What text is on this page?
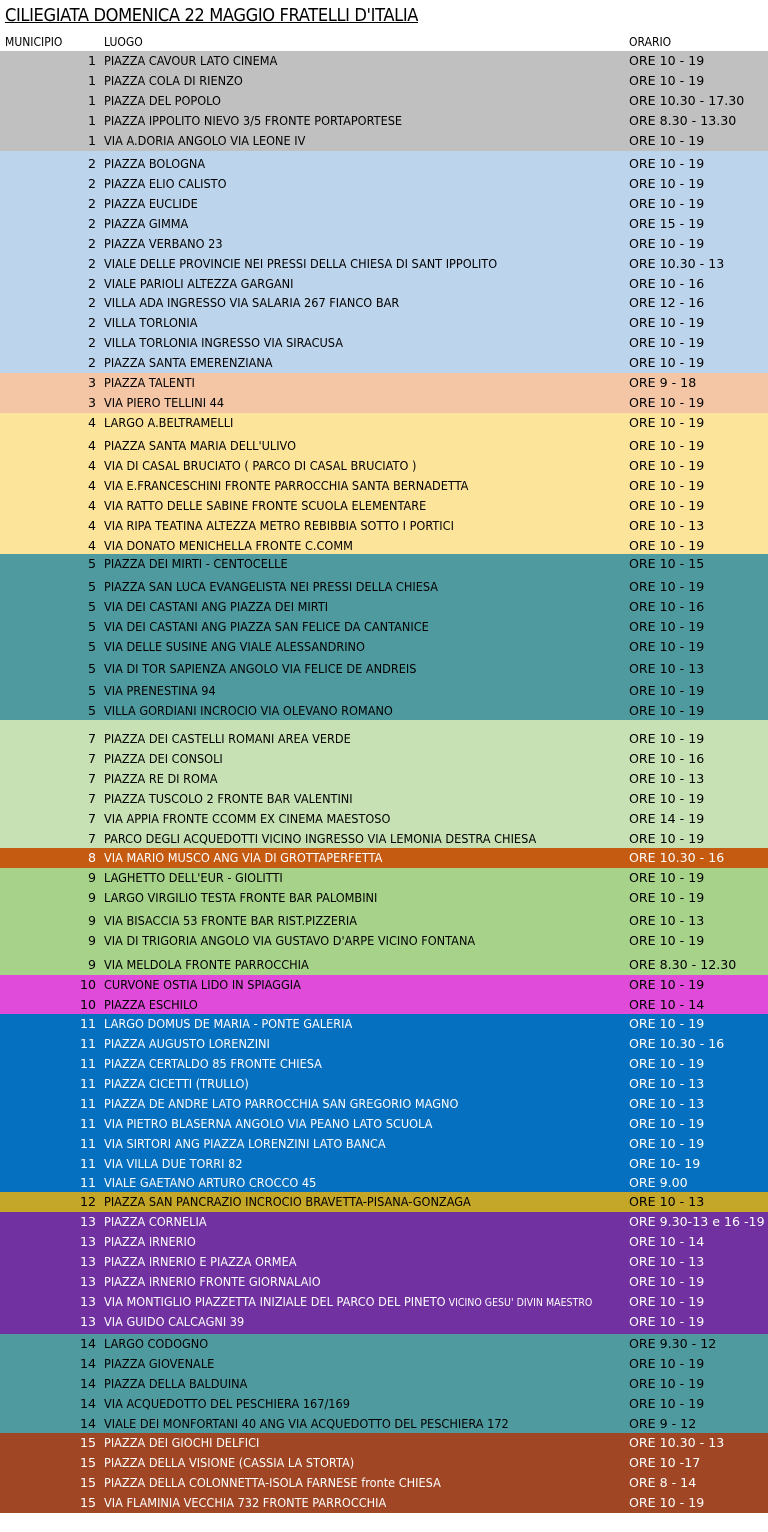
CILIEGIATA DOMENICA 22 MAGGIO FRATELLI D'ITALIA
MUNICIPIO	LUOGO	ORARIO
1 PIAZZA CAVOUR LATO CINEMA	ORE 10 - 19
1 PIAZZA COLA DI RIENZO	ORE 10 - 19
1 PIAZZA DEL POPOLO	ORE 10.30 - 17.30
1 PIAZZA IPPOLITO NIEVO 3/5 FRONTE PORTAPORTESE	ORE 8.30 - 13.30
1 VIA A.DORIA ANGOLO VIA LEONE IV	ORE 10 - 19
2 PIAZZA BOLOGNA	ORE 10 - 19
2 PIAZZA ELIO CALISTO	ORE 10 - 19
2 PIAZZA EUCLIDE	ORE 10 - 19
2 PIAZZA GIMMA	ORE 15 - 19
2 PIAZZA VERBANO 23	ORE 10 - 19
2 VIALE DELLE PROVINCIE NEI PRESSI DELLA CHIESA DI SANT IPPOLITO	ORE 10.30 - 13
2 VIALE PARIOLI ALTEZZA GARGANI	ORE 10 - 16
2 VILLA ADA INGRESSO VIA SALARIA 267 FIANCO BAR	ORE 12 - 16
2 VILLA TORLONIA	ORE 10 - 19
2 VILLA TORLONIA INGRESSO VIA SIRACUSA	ORE 10 - 19
2 PIAZZA SANTA EMERENZIANA	ORE 10 - 19
3 PIAZZA TALENTI	ORE 9 - 18
3 VIA PIERO TELLINI 44	ORE 10 - 19
4 LARGO A.BELTRAMELLI	ORE 10 - 19
4 PIAZZA SANTA MARIA DELL'ULIVO	ORE 10 - 19
4 VIA DI CASAL BRUCIATO ( PARCO DI CASAL BRUCIATO )	ORE 10 - 19
4 VIA E.FRANCESCHINI FRONTE PARROCCHIA SANTA BERNADETTA	ORE 10 - 19
4 VIA RATTO DELLE SABINE FRONTE SCUOLA ELEMENTARE	ORE 10 - 19
4 VIA RIPA TEATINA ALTEZZA METRO REBIBBIA SOTTO I PORTICI	ORE 10 - 13
4 VIA DONATO MENICHELLA FRONTE C.COMM	ORE 10 - 19
5 PIAZZA DEI MIRTI - CENTOCELLE	ORE 10 - 15
5 PIAZZA SAN LUCA EVANGELISTA NEI PRESSI DELLA CHIESA	ORE 10 - 19
5 VIA DEI CASTANI ANG PIAZZA DEI MIRTI	ORE 10 - 16
5 VIA DEI CASTANI ANG PIAZZA SAN FELICE DA CANTANICE	ORE 10 - 19
5 VIA DELLE SUSINE ANG VIALE ALESSANDRINO	ORE 10 - 19
5 VIA DI TOR SAPIENZA ANGOLO VIA FELICE DE ANDREIS	ORE 10 - 13
5 VIA PRENESTINA 94	ORE 10 - 19
5 VILLA GORDIANI INCROCIO VIA OLEVANO ROMANO	ORE 10 - 19
7 PIAZZA DEI CASTELLI ROMANI AREA VERDE	ORE 10 - 19
7 PIAZZA DEI CONSOLI	ORE 10 - 16
7 PIAZZA RE DI ROMA	ORE 10 - 13
7 PIAZZA TUSCOLO 2 FRONTE BAR VALENTINI	ORE 10 - 19
7 VIA APPIA FRONTE CCOMM EX CINEMA MAESTOSO	ORE 14 - 19
7 PARCO DEGLI ACQUEDOTTI VICINO INGRESSO VIA LEMONIA DESTRA CHIESA	ORE 10 - 19
8 VIA MARIO MUSCO ANG VIA DI GROTTAPERFETTA	ORE 10.30 - 16
9 LAGHETTO DELL'EUR - GIOLITTI	ORE 10 - 19
9 LARGO VIRGILIO TESTA FRONTE BAR PALOMBINI	ORE 10 - 19
9 VIA BISACCIA 53 FRONTE BAR RIST.PIZZERIA	ORE 10 - 13
9 VIA DI TRIGORIA ANGOLO VIA GUSTAVO D'ARPE VICINO FONTANA	ORE 10 - 19
9 VIA MELDOLA FRONTE PARROCCHIA	ORE 8.30 - 12.30
10 CURVONE OSTIA LIDO IN SPIAGGIA	ORE 10 - 19
10 PIAZZA ESCHILO	ORE 10 - 14
11 LARGO DOMUS DE MARIA - PONTE GALERIA	ORE 10 - 19
11 PIAZZA AUGUSTO LORENZINI	ORE 10.30 - 16
11 PIAZZA CERTALDO 85 FRONTE CHIESA	ORE 10 - 19
11 PIAZZA CICETTI (TRULLO)	ORE 10 - 13
11 PIAZZA DE ANDRE LATO PARROCCHIA SAN GREGORIO MAGNO	ORE 10 - 13
11 VIA PIETRO BLASERNA ANGOLO VIA PEANO LATO SCUOLA	ORE 10 - 19
11 VIA SIRTORI ANG PIAZZA LORENZINI LATO BANCA	ORE 10 - 19
11 VIA VILLA DUE TORRI 82	ORE 10- 19
11 VIALE GAETANO ARTURO CROCCO 45	ORE 9.00
12 PIAZZA SAN PANCRAZIO INCROCIO BRAVETTA-PISANA-GONZAGA	ORE 10 - 13
13 PIAZZA CORNELIA	ORE 9.30-13 e 16 -19
13 PIAZZA IRNERIO	ORE 10 - 14
13 PIAZZA IRNERIO E PIAZZA ORMEA	ORE 10 - 13
13 PIAZZA IRNERIO FRONTE GIORNALAIO	ORE 10 - 19
13 VIA MONTIGLIO PIAZZETTA INIZIALE DEL PARCO DEL PINETO VICINO GESU' DIVIN MAESTRO	ORE 10 - 19
13 VIA GUIDO CALCAGNI 39	ORE 10 - 19
14 LARGO CODOGNO	ORE 9.30 - 12
14 PIAZZA GIOVENALE	ORE 10 - 19
14 PIAZZA DELLA BALDUINA	ORE 10 - 19
14 VIA ACQUEDOTTO DEL PESCHIERA 167/169	ORE 10 - 19
14 VIALE DEI MONFORTANI 40 ANG VIA ACQUEDOTTO DEL PESCHIERA 172	ORE 9 - 12
15 PIAZZA DEI GIOCHI DELFICI	ORE 10.30 - 13
15 PIAZZA DELLA VISIONE (CASSIA LA STORTA)	ORE 10 -17
15 PIAZZA DELLA COLONNETTA-ISOLA FARNESE fronte CHIESA	ORE 8 - 14
15 VIA FLAMINIA VECCHIA 732 FRONTE PARROCCHIA	ORE 10 - 19
